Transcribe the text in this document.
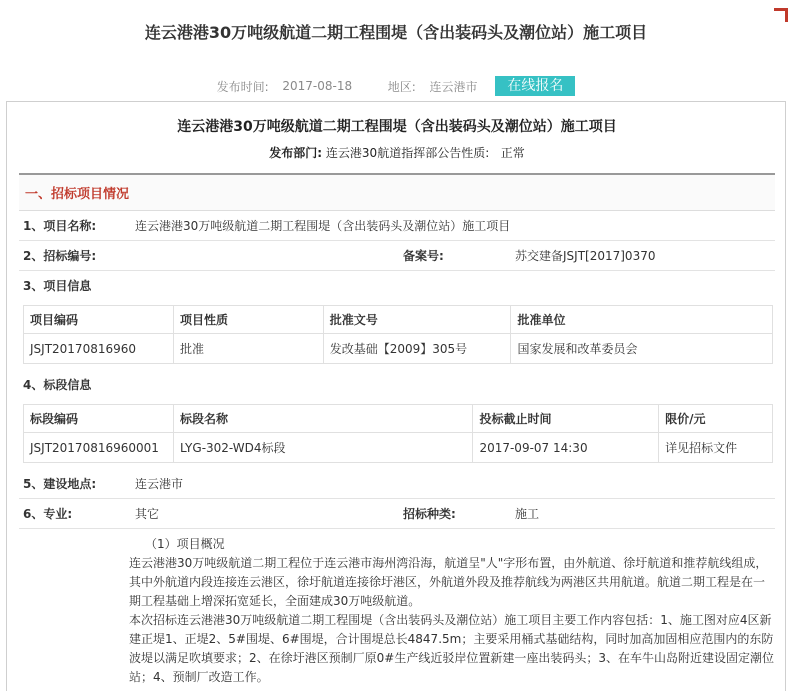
连云港港30万吨级航道二期工程围堤（含出装码头及潮位站）施工项目
发布时间: 2017-08-18	地区: 连云港市 在线报名
连云港港30万吨级航道二期工程围堤（含出装码头及潮位站）施工项目
发布部门: 连云港30航道指挥部公告性质: 正常
一、招标项目情况
1、项目名称:	连云港港30万吨级航道二期工程围堤（含出装码头及潮位站）施工项目
2、招标编号:	备案号:	苏交建备JSJT[2017]0370
3、项目信息
项目编码	项目性质	批准文号	批准单位
JSJT20170816960	批准	发改基础【2009】305号	国家发展和改革委员会
4、标段信息
标段编码	标段名称	投标截止时间	限价/元
JSJT20170816960001	LYG-302-WD4标段	2017-09-07 14:30	详见招标文件
5、建设地点:	连云港市
6、专业:	其它	招标种类:	施工

（1）项目概况

连云港港30万吨级航道二期工程位于连云港市海州湾沿海，航道呈"人"字形布置，由外航道、徐圩航道和推荐航线组成，其中外航道内段连接连云港区，徐圩航道连接徐圩港区，外航道外段及推荐航线为两港区共用航道。航道二期工程是在一期工程基础上增深拓宽延长，全面建成30万吨级航道。

本次招标连云港港30万吨级航道二期工程围堤（含出装码头及潮位站）施工项目主要工作内容包括：1、施工图对应4区新建正堤1、正堤2、5#围堤、6#围堤，合计围堤总长4847.5m；主要采用桶式基础结构，同时加高加固相应范围内的东防波堤以满足吹填要求；2、在徐圩港区预制厂原0#生产线近驳岸位置新建一座出装码头；3、在车牛山岛附近建设固定潮位站；4、预制厂改造工作。
